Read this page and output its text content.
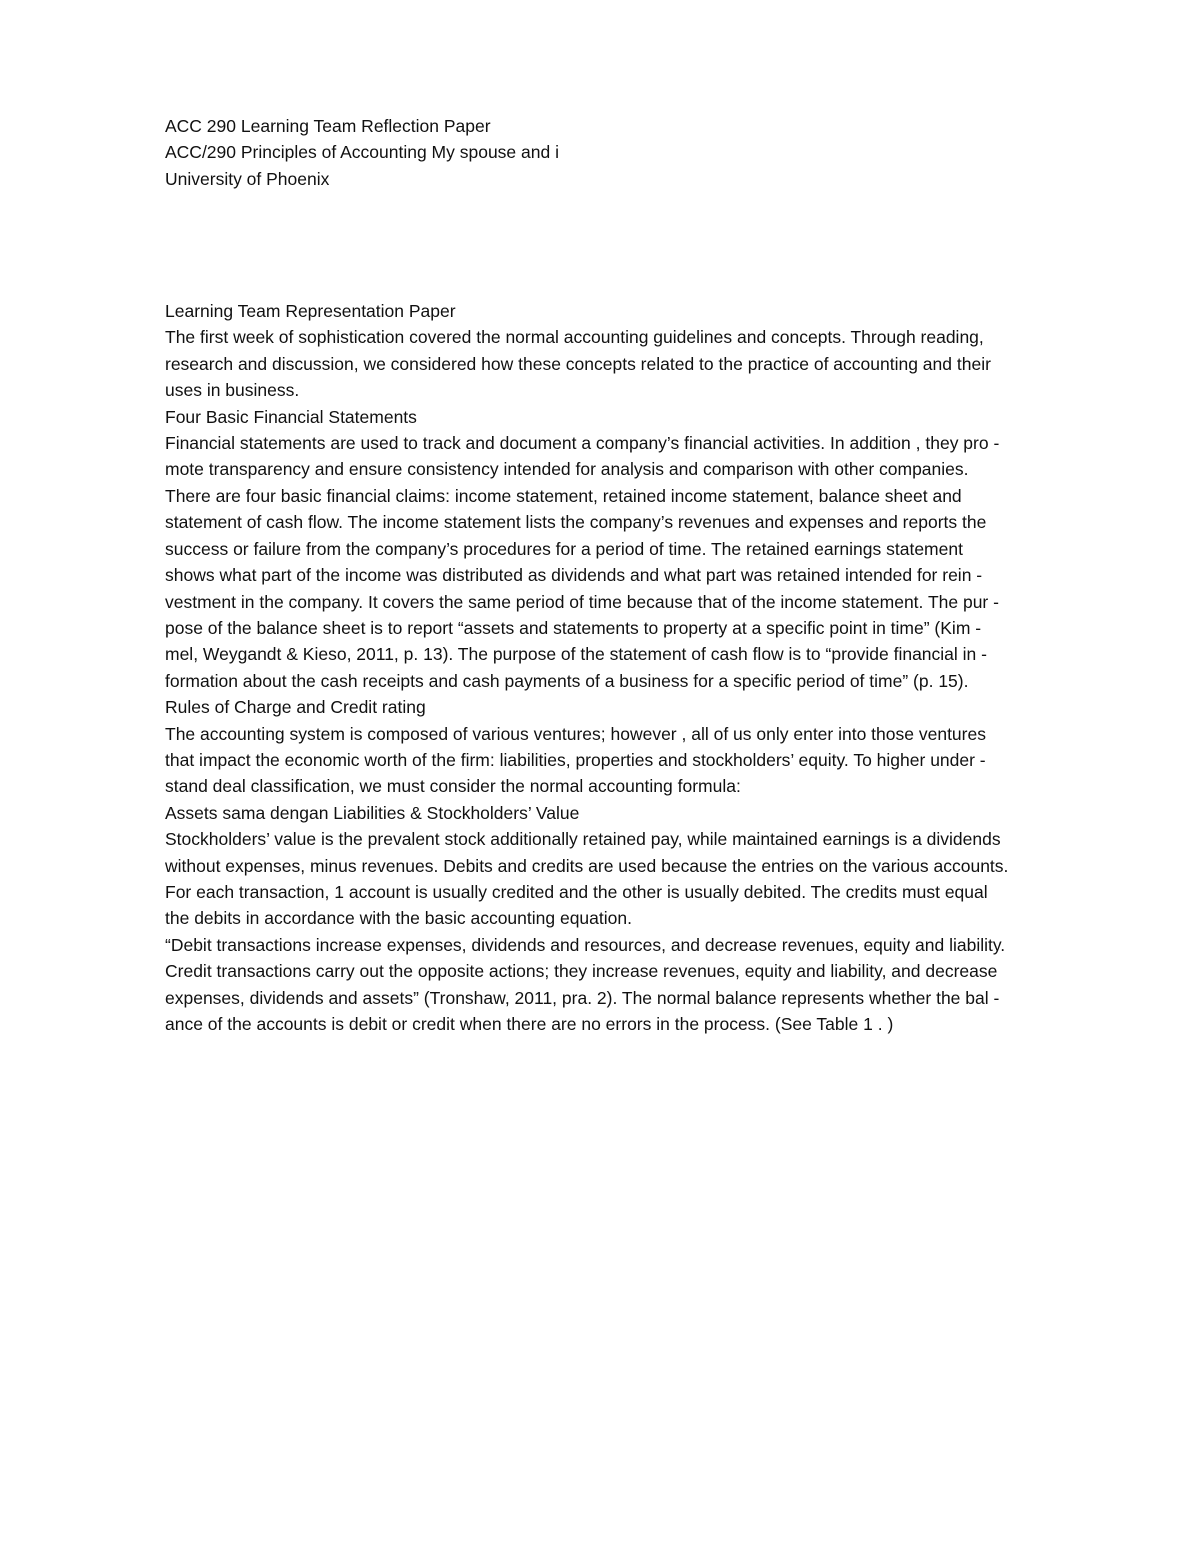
ACC 290 Learning Team Reflection Paper
ACC/290 Principles of Accounting My spouse and i
University of Phoenix
Learning Team Representation Paper
The first week of sophistication covered the normal accounting guidelines and concepts. Through reading,
research and discussion, we considered how these concepts related to the practice of accounting and their
uses in business.
Four Basic Financial Statements
Financial statements are used to track and document a company’s financial activities. In addition , they pro -
mote transparency and ensure consistency intended for analysis and comparison with other companies.
There are four basic financial claims: income statement, retained income statement, balance sheet and
statement of cash flow. The income statement lists the company’s revenues and expenses and reports the
success or failure from the company’s procedures for a period of time. The retained earnings statement
shows what part of the income was distributed as dividends and what part was retained intended for rein -
vestment in the company. It covers the same period of time because that of the income statement. The pur -
pose of the balance sheet is to report “assets and statements to property at a specific point in time” (Kim -
mel, Weygandt & Kieso, 2011, p. 13). The purpose of the statement of cash flow is to “provide financial in -
formation about the cash receipts and cash payments of a business for a specific period of time” (p. 15).
Rules of Charge and Credit rating
The accounting system is composed of various ventures; however , all of us only enter into those ventures
that impact the economic worth of the firm: liabilities, properties and stockholders’ equity. To higher under -
stand deal classification, we must consider the normal accounting formula:
Assets sama dengan Liabilities & Stockholders’ Value
Stockholders’ value is the prevalent stock additionally retained pay, while maintained earnings is a dividends
without expenses, minus revenues. Debits and credits are used because the entries on the various accounts.
For each transaction, 1 account is usually credited and the other is usually debited. The credits must equal
the debits in accordance with the basic accounting equation.
“Debit transactions increase expenses, dividends and resources, and decrease revenues, equity and liability.
Credit transactions carry out the opposite actions; they increase revenues, equity and liability, and decrease
expenses, dividends and assets” (Tronshaw, 2011, pra. 2). The normal balance represents whether the bal -
ance of the accounts is debit or credit when there are no errors in the process. (See Table 1 . )
